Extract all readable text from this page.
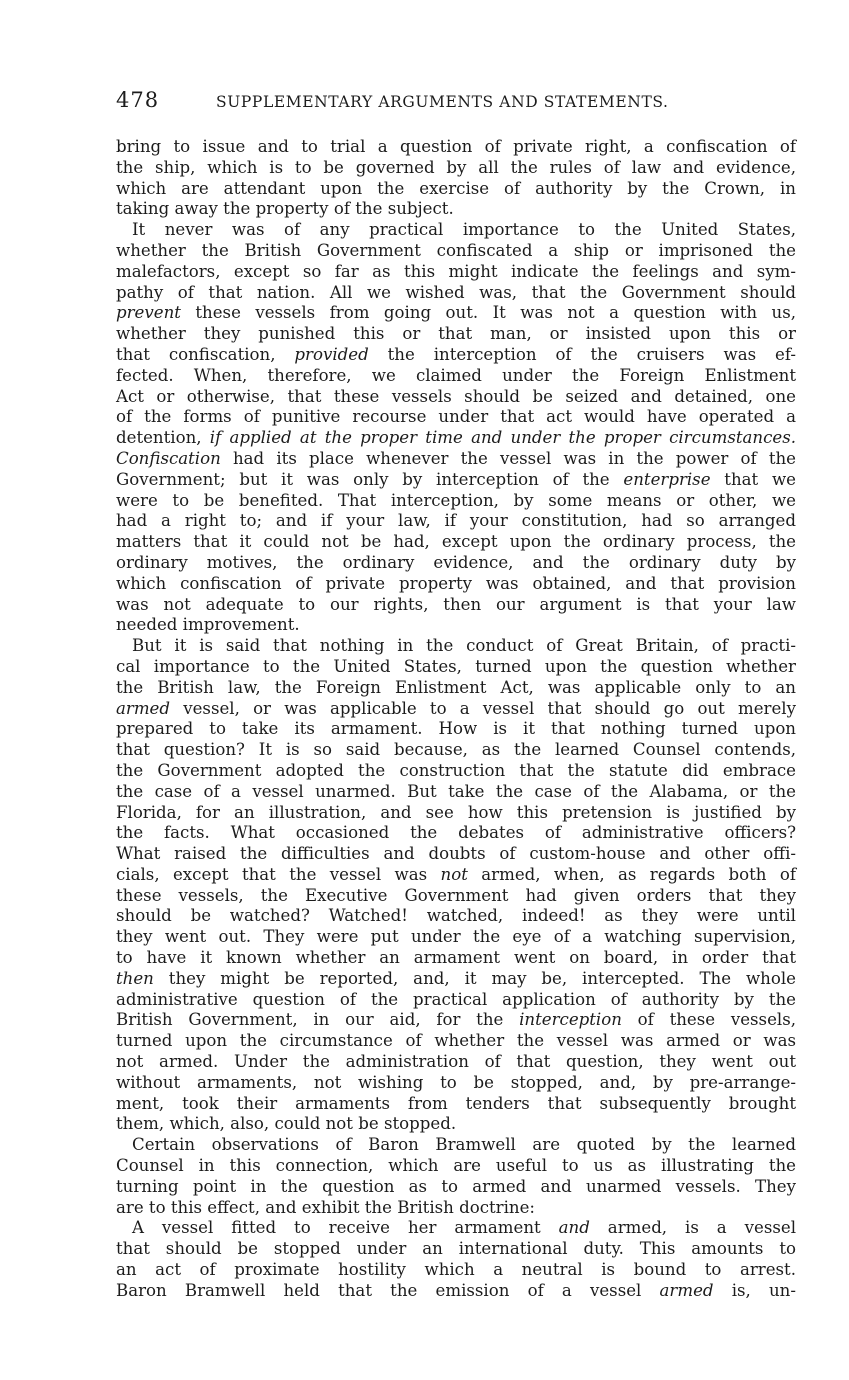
478	SUPPLEMENTARY ARGUMENTS AND STATEMENTS.
bring to issue and to trial a question of private right, a confiscation of
the ship, which is to be governed by all the rules of law and evidence,
which are attendant upon the exercise of authority by the Crown, in
taking away the property of the subject.
It never was of any practical importance to the United States,
whether the British Government confiscated a ship or imprisoned the
malefactors, except so far as this might indicate the feelings and sym-
pathy of that nation. All we wished was, that the Government should
prevent these vessels from going out. It was not a question with us,
whether they punished this or that man, or insisted upon this or
that confiscation, provided the interception of the cruisers was ef-
fected. When, therefore, we claimed under the Foreign Enlistment
Act or otherwise, that these vessels should be seized and detained, one
of the forms of punitive recourse under that act would have operated a
detention, if applied at the proper time and under the proper circumstances.
Confiscation had its place whenever the vessel was in the power of the
Government; but it was only by interception of the enterprise that we
were to be benefited. That interception, by some means or other, we
had a right to; and if your law, if your constitution, had so arranged
matters that it could not be had, except upon the ordinary process, the
ordinary motives, the ordinary evidence, and the ordinary duty by
which confiscation of private property was obtained, and that provision
was not adequate to our rights, then our argument is that your law
needed improvement.
But it is said that nothing in the conduct of Great Britain, of practi-
cal importance to the United States, turned upon the question whether
the British law, the Foreign Enlistment Act, was applicable only to an
armed vessel, or was applicable to a vessel that should go out merely
prepared to take its armament. How is it that nothing turned upon
that question? It is so said because, as the learned Counsel contends,
the Government adopted the construction that the statute did embrace
the case of a vessel unarmed. But take the case of the Alabama, or the
Florida, for an illustration, and see how this pretension is justified by
the facts. What occasioned the debates of administrative officers?
What raised the difficulties and doubts of custom-house and other offi-
cials, except that the vessel was not armed, when, as regards both of
these vessels, the Executive Government had given orders that they
should be watched? Watched! watched, indeed! as they were until
they went out. They were put under the eye of a watching supervision,
to have it known whether an armament went on board, in order that
then they might be reported, and, it may be, intercepted. The whole
administrative question of the practical application of authority by the
British Government, in our aid, for the interception of these vessels,
turned upon the circumstance of whether the vessel was armed or was
not armed. Under the administration of that question, they went out
without armaments, not wishing to be stopped, and, by pre-arrange-
ment, took their armaments from tenders that subsequently brought
them, which, also, could not be stopped.
Certain observations of Baron Bramwell are quoted by the learned
Counsel in this connection, which are useful to us as illustrating the
turning point in the question as to armed and unarmed vessels. They
are to this effect, and exhibit the British doctrine:
A vessel fitted to receive her armament and armed, is a vessel
that should be stopped under an international duty. This amounts to
an act of proximate hostility which a neutral is bound to arrest.
Baron Bramwell held that the emission of a vessel armed is, un-
